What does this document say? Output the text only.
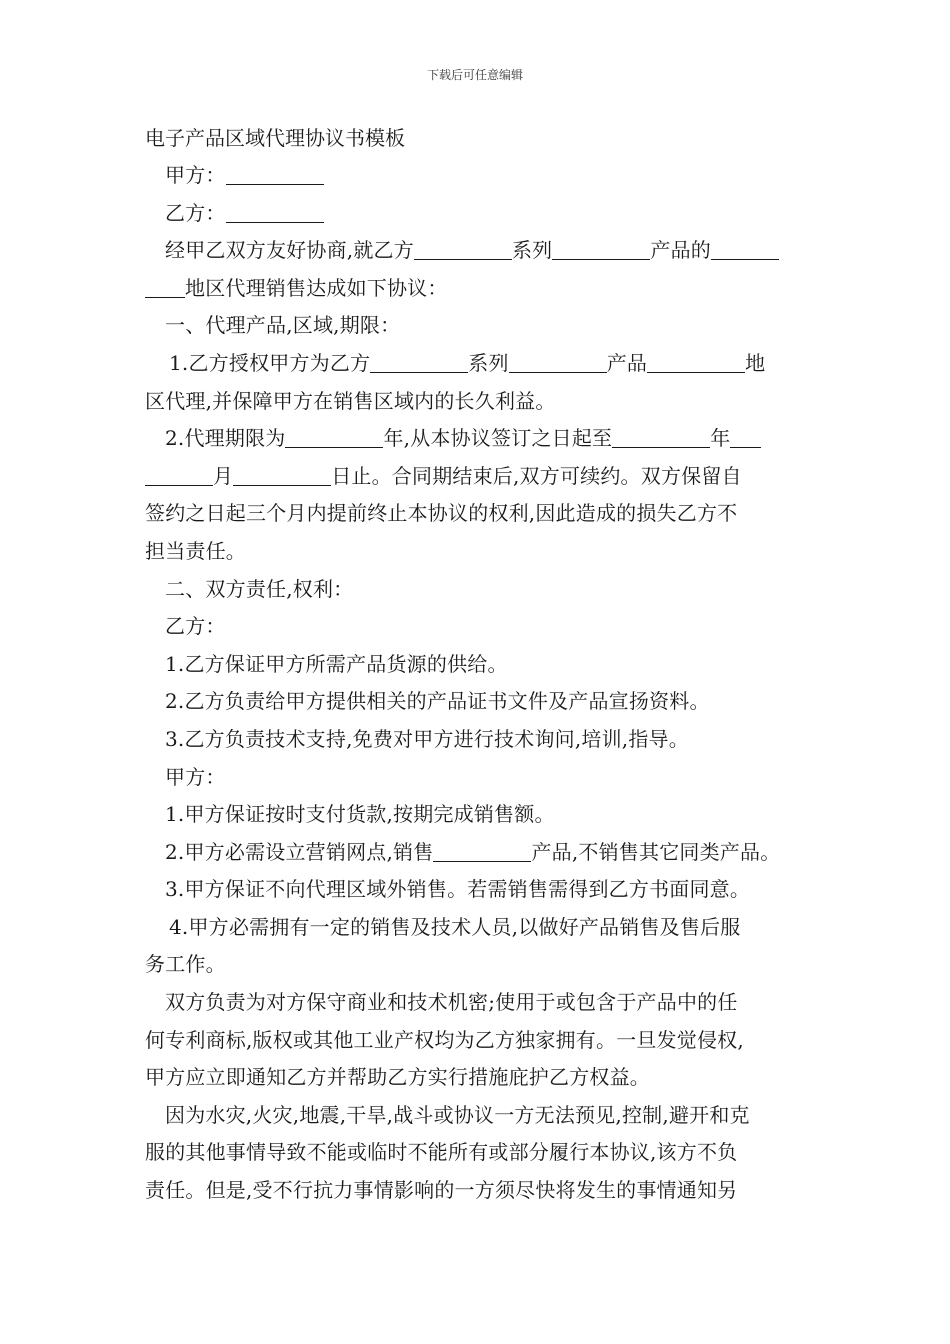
下载后可任意编辑
电子产品区域代理协议书模板
甲方：
乙方：
经甲乙双方友好协商,就乙方	系列	产品的
地区代理销售达成如下协议：
一、代理产品,区域,期限：
1.乙方授权甲方为乙方	系列	产品	地
区代理,并保障甲方在销售区域内的长久利益。
2.代理期限为	年,从本协议签订之日起至	年
月	日止。合同期结束后,双方可续约。双方保留自
签约之日起三个月内提前终止本协议的权利,因此造成的损失乙方不
担当责任。
二、双方责任,权利：
乙方：
1.乙方保证甲方所需产品货源的供给。
2.乙方负责给甲方提供相关的产品证书文件及产品宣扬资料。
3.乙方负责技术支持,免费对甲方进行技术询问,培训,指导。
甲方：
1.甲方保证按时支付货款,按期完成销售额。
2.甲方必需设立营销网点,销售	产品,不销售其它同类产品。
3.甲方保证不向代理区域外销售。若需销售需得到乙方书面同意。
4.甲方必需拥有一定的销售及技术人员,以做好产品销售及售后服
务工作。
双方负责为对方保守商业和技术机密;使用于或包含于产品中的任
何专利商标,版权或其他工业产权均为乙方独家拥有。一旦发觉侵权,
甲方应立即通知乙方并帮助乙方实行措施庇护乙方权益。
因为水灾,火灾,地震,干旱,战斗或协议一方无法预见,控制,避开和克
服的其他事情导致不能或临时不能所有或部分履行本协议,该方不负
责任。但是,受不行抗力事情影响的一方须尽快将发生的事情通知另
